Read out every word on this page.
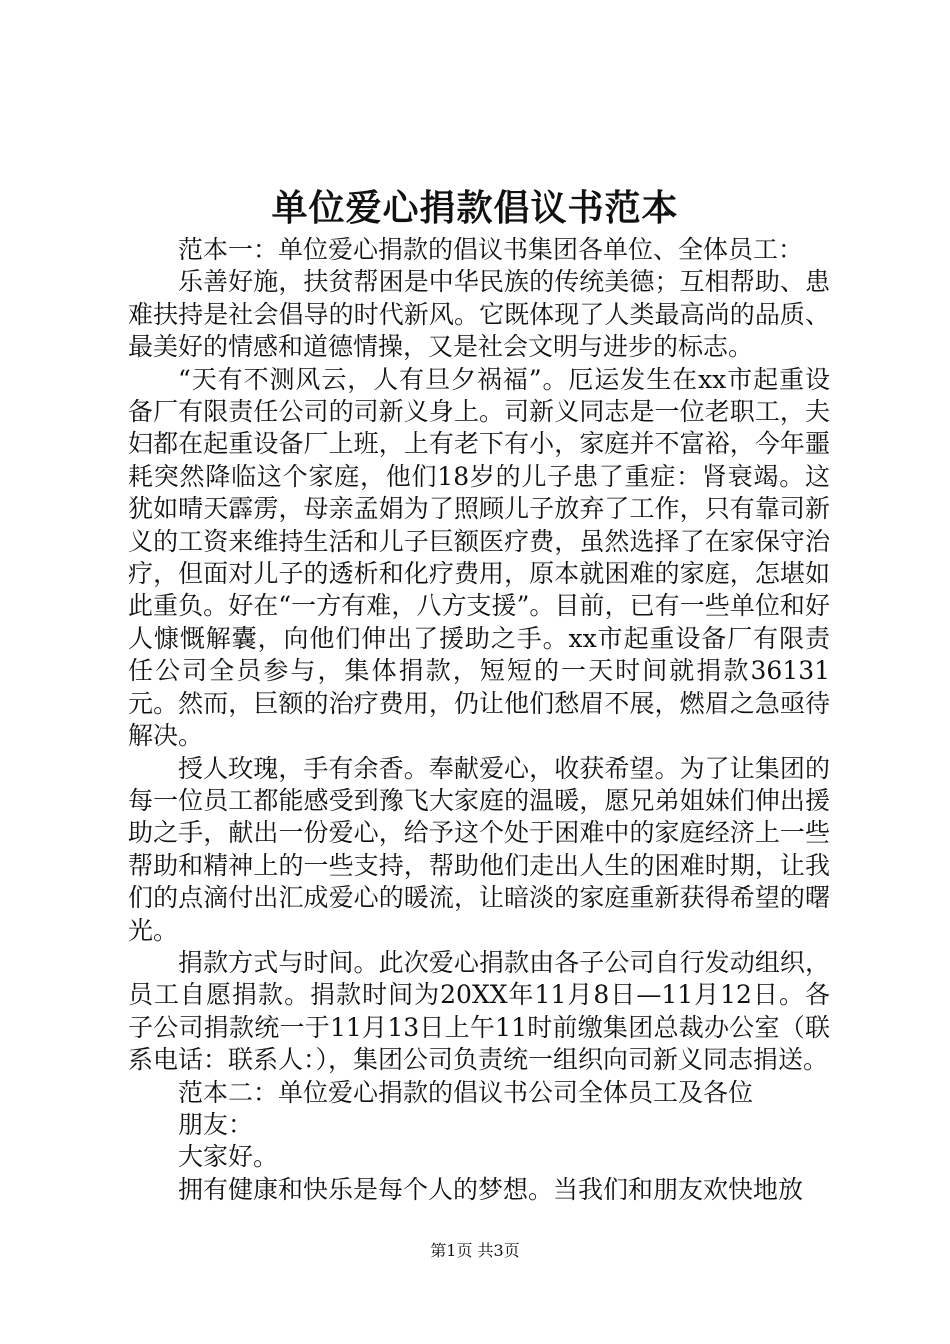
单位爱心捐款倡议书范本

范本一：单位爱心捐款的倡议书集团各单位、全体员工：

乐善好施，扶贫帮困是中华民族的传统美德；互相帮助、患难扶持是社会倡导的时代新风。它既体现了人类最高尚的品质、最美好的情感和道德情操，又是社会文明与进步的标志。

“天有不测风云，人有旦夕祸福”。厄运发生在xx市起重设备厂有限责任公司的司新义身上。司新义同志是一位老职工，夫妇都在起重设备厂上班，上有老下有小，家庭并不富裕，今年噩耗突然降临这个家庭，他们18岁的儿子患了重症：肾衰竭。这犹如晴天霹雳，母亲孟娟为了照顾儿子放弃了工作，只有靠司新义的工资来维持生活和儿子巨额医疗费，虽然选择了在家保守治疗，但面对儿子的透析和化疗费用，原本就困难的家庭，怎堪如此重负。好在“一方有难，八方支援”。目前，已有一些单位和好人慷慨解囊，向他们伸出了援助之手。xx市起重设备厂有限责任公司全员参与，集体捐款，短短的一天时间就捐款36131元。然而，巨额的治疗费用，仍让他们愁眉不展，燃眉之急亟待解决。

授人玫瑰，手有余香。奉献爱心，收获希望。为了让集团的每一位员工都能感受到豫飞大家庭的温暖，愿兄弟姐妹们伸出援助之手，献出一份爱心，给予这个处于困难中的家庭经济上一些帮助和精神上的一些支持，帮助他们走出人生的困难时期，让我们的点滴付出汇成爱心的暖流，让暗淡的家庭重新获得希望的曙光。

捐款方式与时间。此次爱心捐款由各子公司自行发动组织，员工自愿捐款。捐款时间为20XX年11月8日—11月12日。各子公司捐款统一于11月13日上午11时前缴集团总裁办公室（联系电话：联系人：），集团公司负责统一组织向司新义同志捐送。

范本二：单位爱心捐款的倡议书公司全体员工及各位

朋友：

大家好。

拥有健康和快乐是每个人的梦想。当我们和朋友欢快地放

第1页 共3页
